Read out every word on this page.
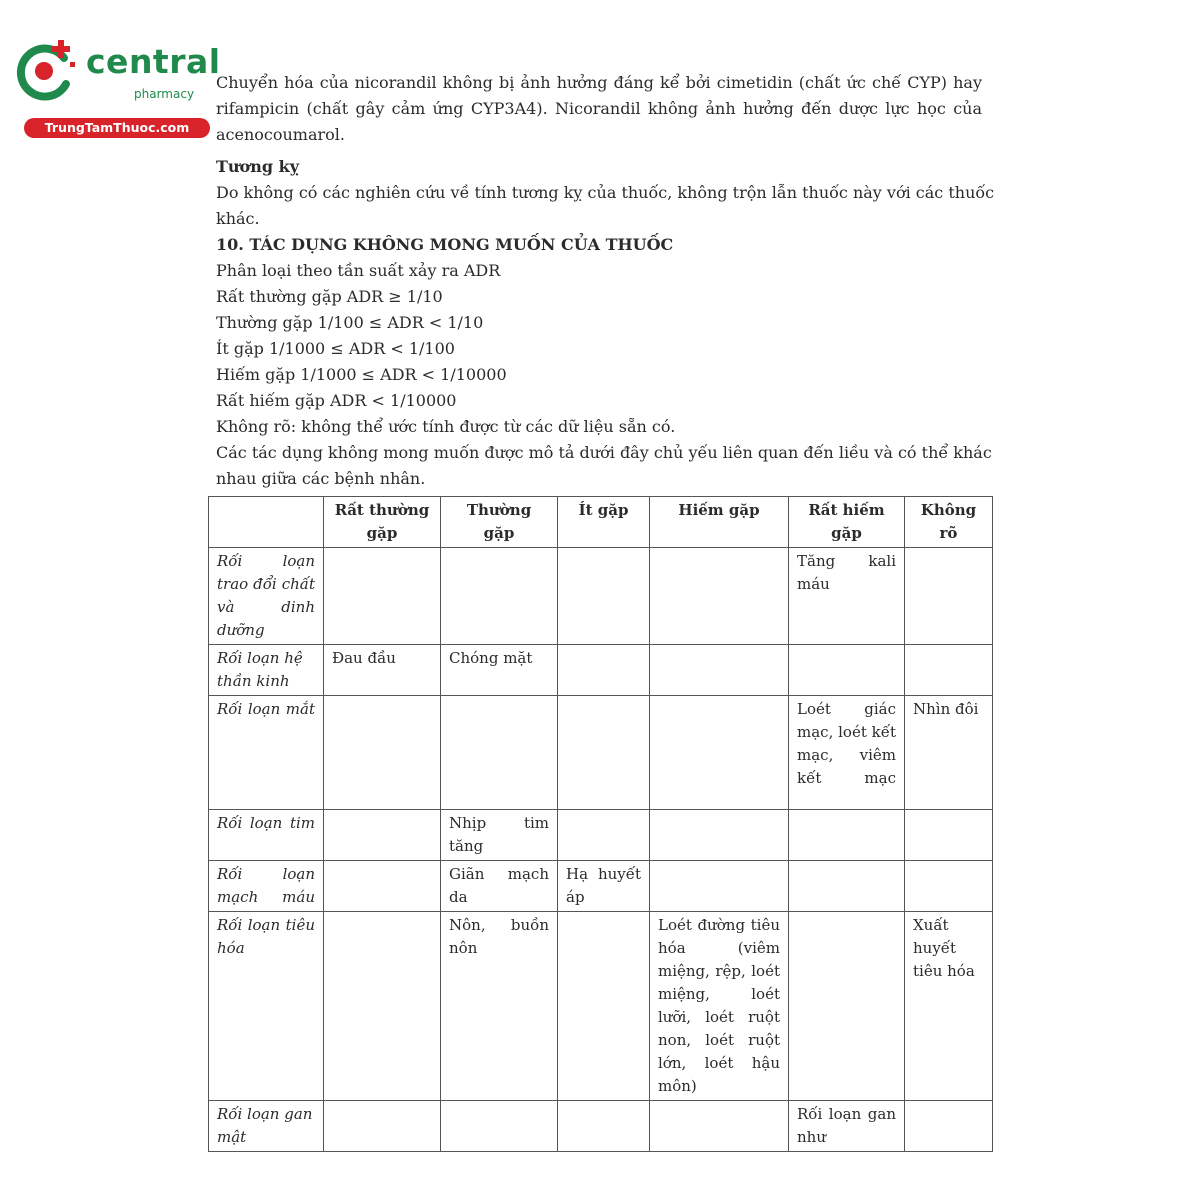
central
pharmacy
TrungTamThuoc.com
Chuyển hóa của nicorandil không bị ảnh hưởng đáng kể bởi cimetidin (chất ức chế CYP) hay
rifampicin (chất gây cảm ứng CYP3A4). Nicorandil không ảnh hưởng đến dược lực học của
acenocoumarol.
Tương kỵ
Do không có các nghiên cứu về tính tương kỵ của thuốc, không trộn lẫn thuốc này với các thuốc
khác.
10. TÁC DỤNG KHÔNG MONG MUỐN CỦA THUỐC
Phân loại theo tần suất xảy ra ADR
Rất thường gặp ADR ≥ 1/10
Thường gặp 1/100 ≤ ADR < 1/10
Ít gặp 1/1000 ≤ ADR < 1/100
Hiếm gặp 1/1000 ≤ ADR < 1/10000
Rất hiếm gặp ADR < 1/10000
Không rõ: không thể ước tính được từ các dữ liệu sẵn có.
Các tác dụng không mong muốn được mô tả dưới đây chủ yếu liên quan đến liều và có thể khác
nhau giữa các bệnh nhân.
	Rất thường gặp	Thường gặp	Ít gặp	Hiếm gặp	Rất hiếm gặp	Không rõ
Rối loạn trao đổi chất và dinh dưỡng					Tăng kali máu	
Rối loạn hệ thần kinh	Đau đầu	Chóng mặt				
Rối loạn mắt					Loét giác mạc, loét kết mạc, viêm kết mạc	Nhìn đôi
Rối loạn tim		Nhịp tim tăng				
Rối loạn mạch máu		Giãn mạch da	Hạ huyết áp			
Rối loạn tiêu hóa		Nôn, buồn nôn		Loét đường tiêu hóa (viêm miệng, rệp, loét miệng, loét lưỡi, loét ruột non, loét ruột lớn, loét hậu môn)		Xuất huyết tiêu hóa
Rối loạn gan mật					Rối loạn gan như	
